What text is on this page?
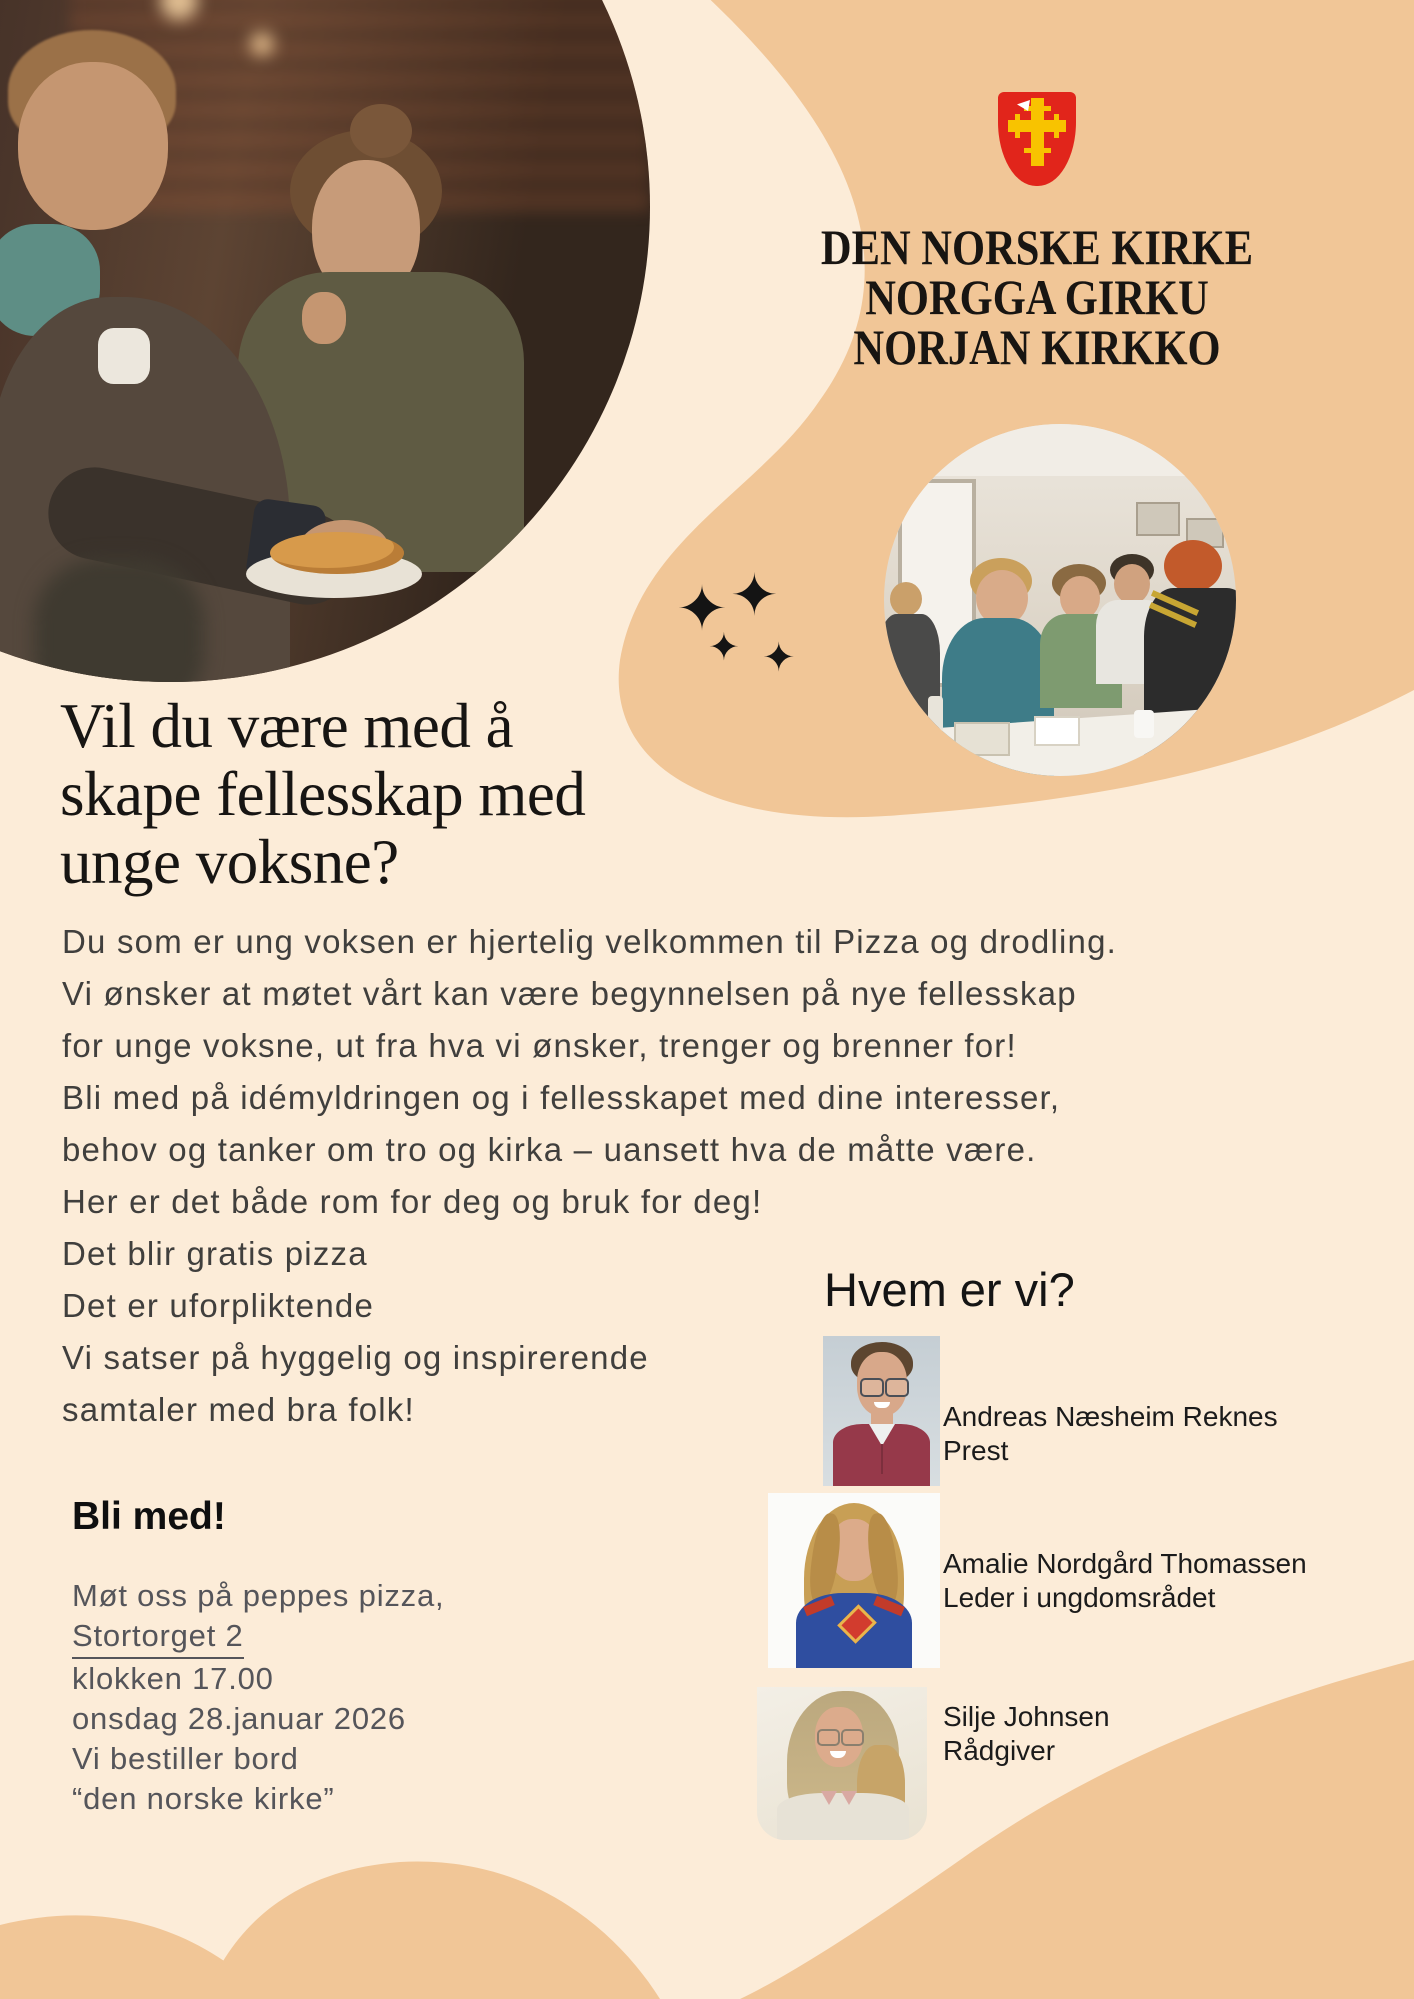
✦ ✦
✦ ✦
DEN NORSKE KIRKE
NORGGA GIRKU
NORJAN KIRKKO
Vil du være med å
skape fellesskap med
unge voksne?
Du som er ung voksen er hjertelig velkommen til Pizza og drodling.
Vi ønsker at møtet vårt kan være begynnelsen på nye fellesskap
for unge voksne, ut fra hva vi ønsker, trenger og brenner for!
Bli med på idémyldringen og i fellesskapet med dine interesser,
behov og tanker om tro og kirka – uansett hva de måtte være.
Her er det både rom for deg og bruk for deg!
Det blir gratis pizza
Det er uforpliktende
Vi satser på hyggelig og inspirerende
samtaler med bra folk!
Hvem er vi?
Andreas Næsheim Reknes
Prest
Amalie Nordgård Thomassen
Leder i ungdomsrådet
Silje Johnsen
Rådgiver
Bli med!
Møt oss på peppes pizza,
Stortorget 2
klokken 17.00
onsdag 28.januar 2026
Vi bestiller bord
“den norske kirke”
